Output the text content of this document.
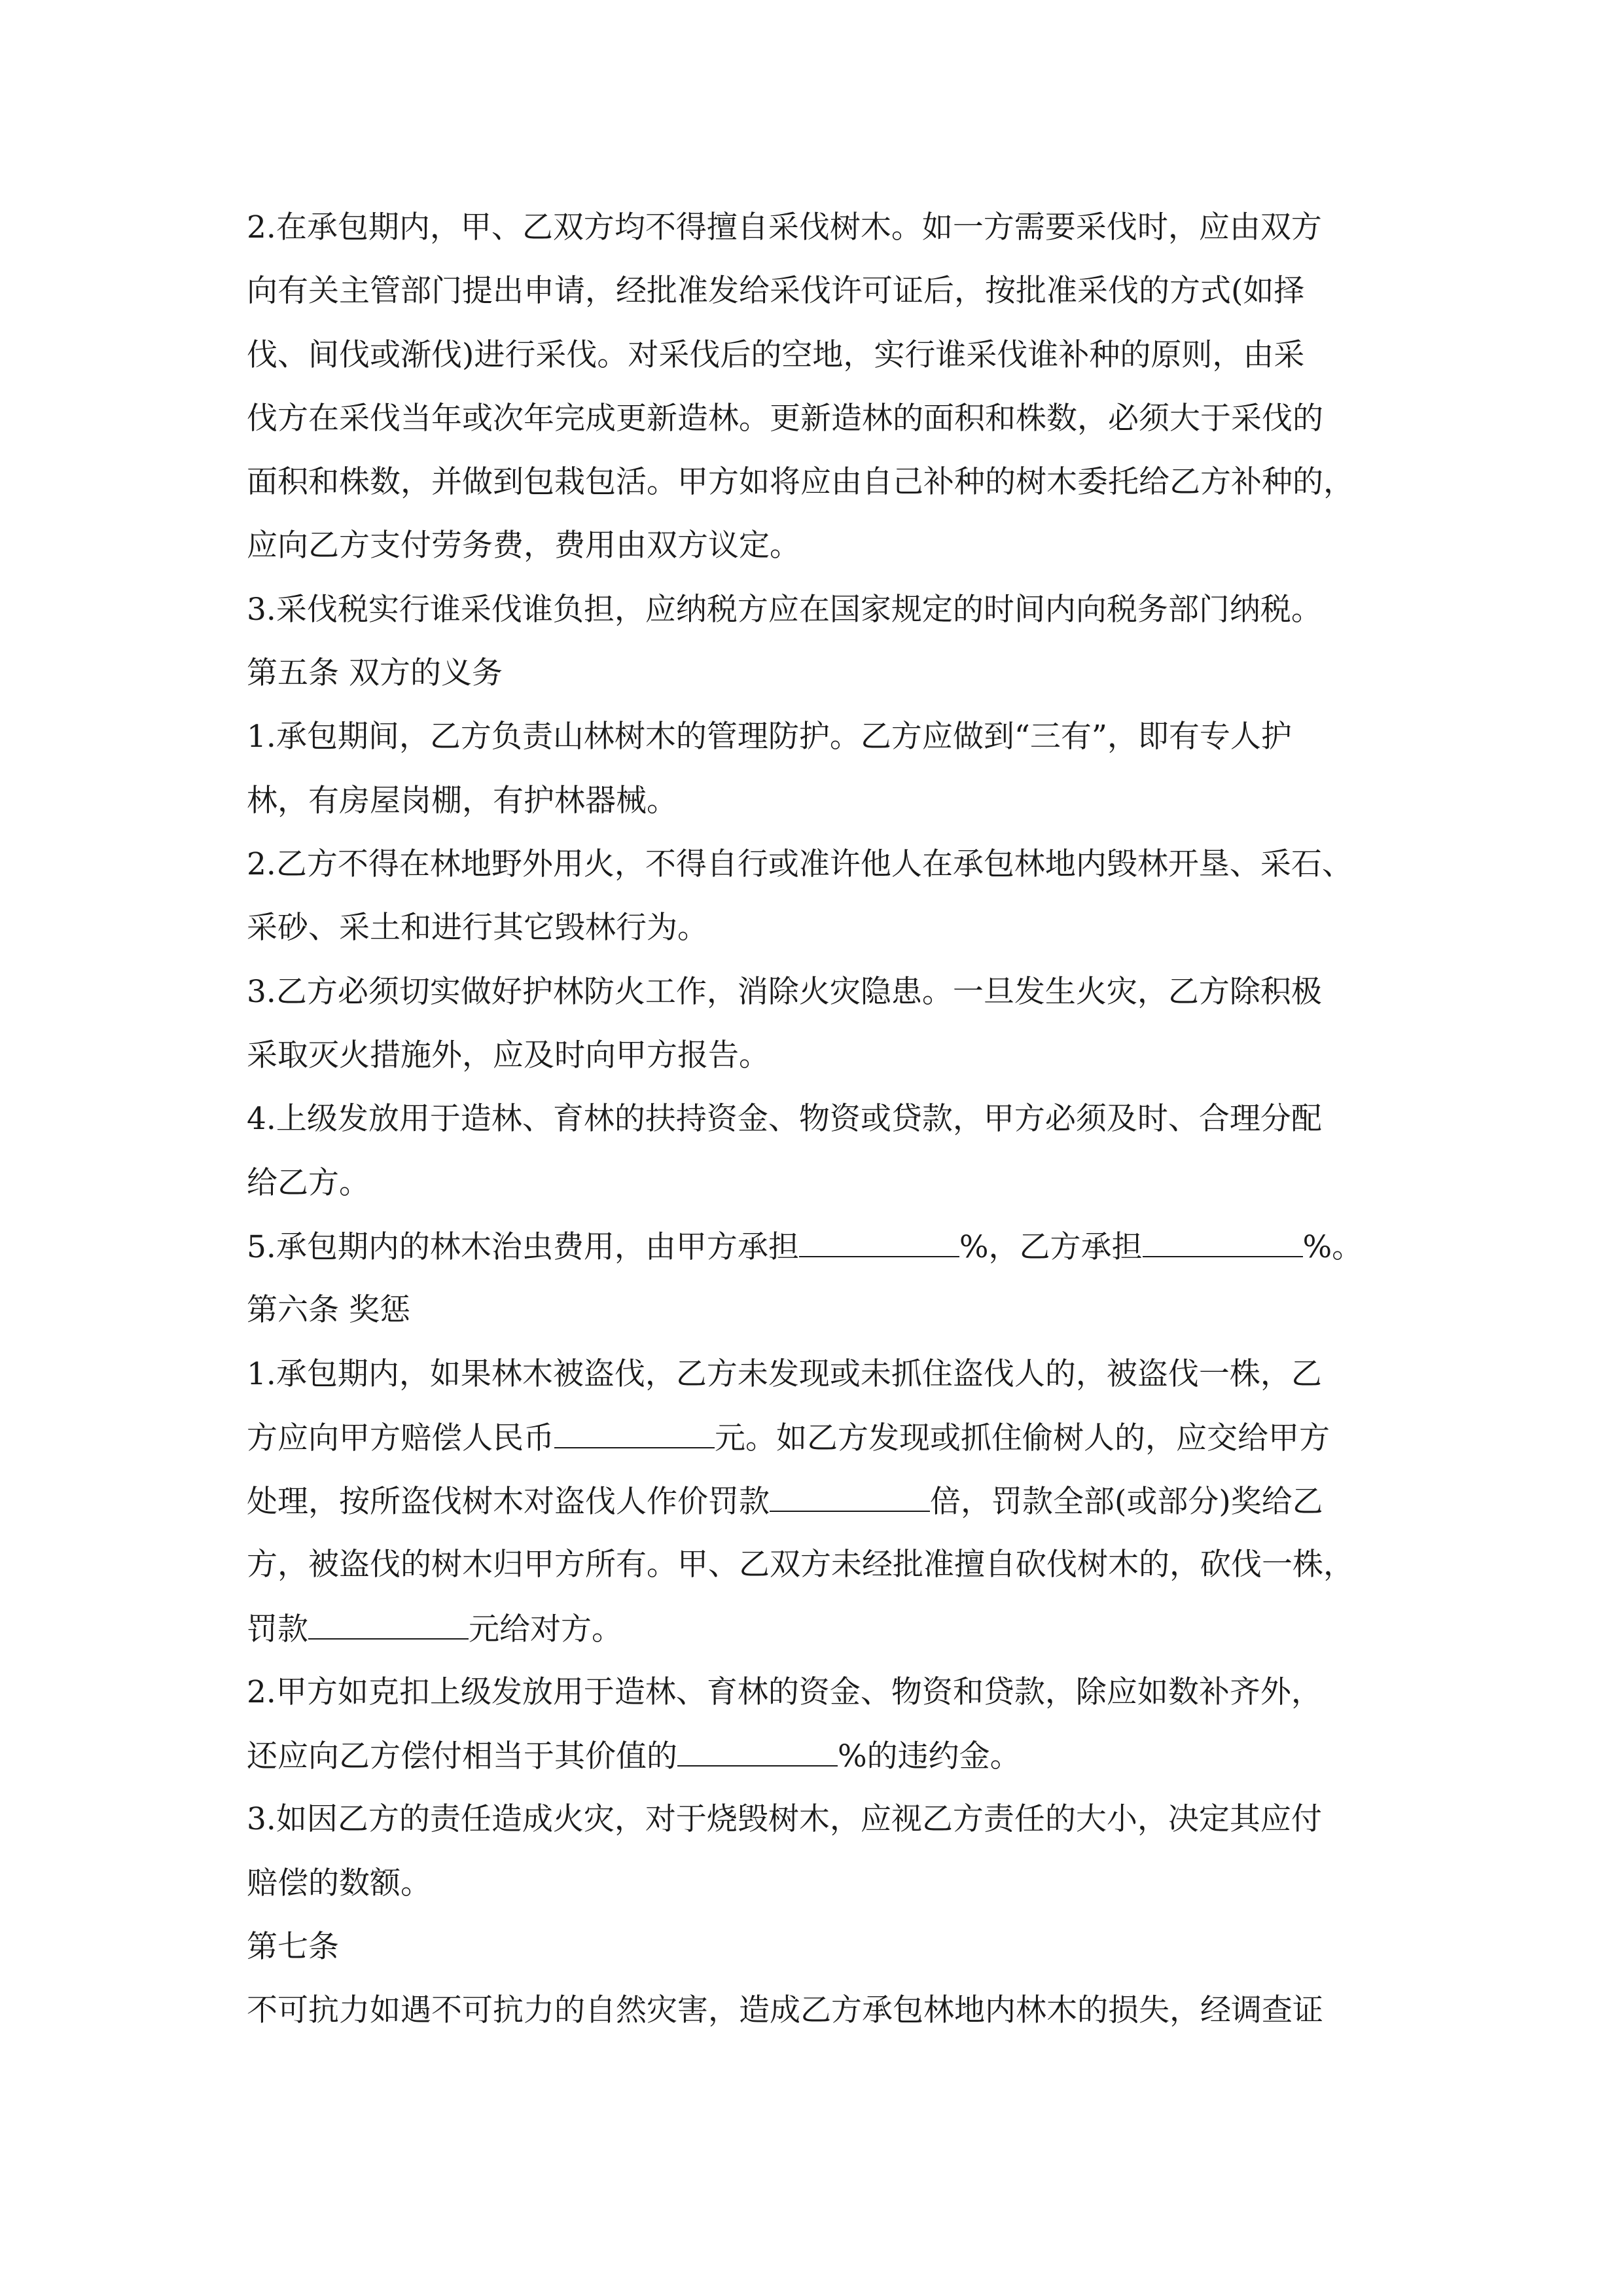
2.在承包期内，甲、乙双方均不得擅自采伐树木。如一方需要采伐时，应由双方
向有关主管部门提出申请，经批准发给采伐许可证后，按批准采伐的方式(如择
伐、间伐或渐伐)进行采伐。对采伐后的空地，实行谁采伐谁补种的原则，由采
伐方在采伐当年或次年完成更新造林。更新造林的面积和株数，必须大于采伐的
面积和株数，并做到包栽包活。甲方如将应由自己补种的树木委托给乙方补种的，
应向乙方支付劳务费，费用由双方议定。
3.采伐税实行谁采伐谁负担，应纳税方应在国家规定的时间内向税务部门纳税。
第五条 双方的义务
1.承包期间，乙方负责山林树木的管理防护。乙方应做到“三有”，即有专人护
林，有房屋岗棚，有护林器械。
2.乙方不得在林地野外用火，不得自行或准许他人在承包林地内毁林开垦、采石、
采砂、采土和进行其它毁林行为。
3.乙方必须切实做好护林防火工作，消除火灾隐患。一旦发生火灾，乙方除积极
采取灭火措施外，应及时向甲方报告。
4.上级发放用于造林、育林的扶持资金、物资或贷款，甲方必须及时、合理分配
给乙方。
5.承包期内的林木治虫费用，由甲方承担	%，乙方承担	%。
第六条 奖惩
1.承包期内，如果林木被盗伐，乙方未发现或未抓住盗伐人的，被盗伐一株，乙
方应向甲方赔偿人民币	元。如乙方发现或抓住偷树人的，应交给甲方
处理，按所盗伐树木对盗伐人作价罚款	倍，罚款全部(或部分)奖给乙
方，被盗伐的树木归甲方所有。甲、乙双方未经批准擅自砍伐树木的，砍伐一株，
罚款	元给对方。
2.甲方如克扣上级发放用于造林、育林的资金、物资和贷款，除应如数补齐外，
还应向乙方偿付相当于其价值的	%的违约金。
3.如因乙方的责任造成火灾，对于烧毁树木，应视乙方责任的大小，决定其应付
赔偿的数额。
第七条
不可抗力如遇不可抗力的自然灾害，造成乙方承包林地内林木的损失，经调查证
